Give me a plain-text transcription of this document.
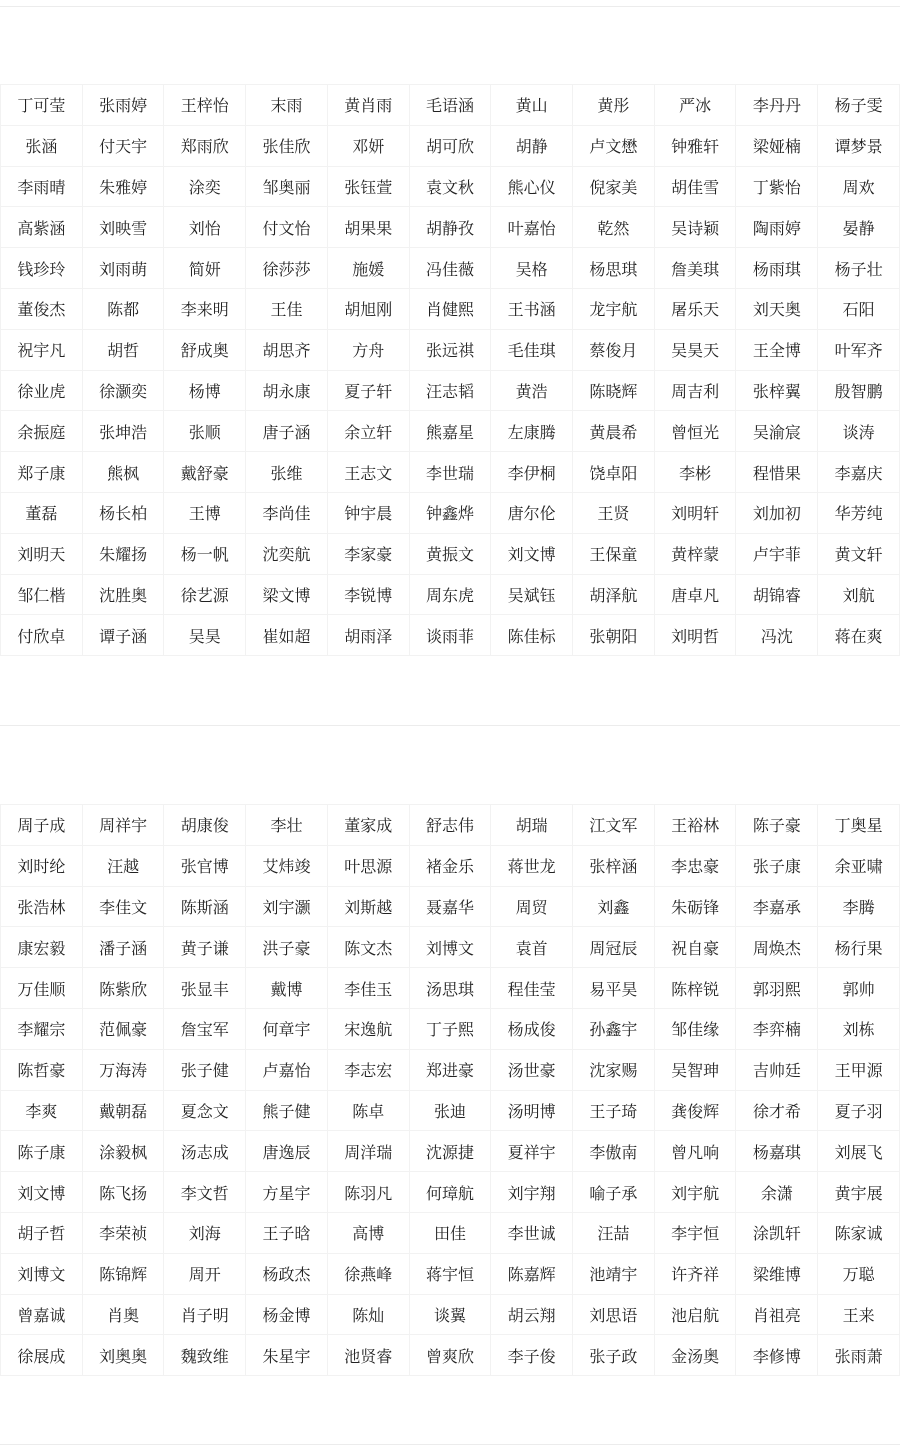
丁可莹	张雨婷	王梓怡	末雨	黄肖雨	毛语涵	黄山	黄彤	严冰	李丹丹	杨子雯
张涵	付天宇	郑雨欣	张佳欣	邓妍	胡可欣	胡静	卢文懋	钟雅轩	梁娅楠	谭梦景
李雨晴	朱雅婷	涂奕	邹奥丽	张钰萱	袁文秋	熊心仪	倪家美	胡佳雪	丁紫怡	周欢
高紫涵	刘映雪	刘怡	付文怡	胡果果	胡静孜	叶嘉怡	乾然	吴诗颖	陶雨婷	晏静
钱珍玲	刘雨萌	简妍	徐莎莎	施媛	冯佳薇	吴格	杨思琪	詹美琪	杨雨琪	杨子壮
董俊杰	陈都	李来明	王佳	胡旭刚	肖健熙	王书涵	龙宇航	屠乐天	刘天奥	石阳
祝宇凡	胡哲	舒成奥	胡思齐	方舟	张远祺	毛佳琪	蔡俊月	吴昊天	王全博	叶军齐
徐业虎	徐灏奕	杨博	胡永康	夏子轩	汪志韬	黄浩	陈晓辉	周吉利	张梓翼	殷智鹏
余振庭	张坤浩	张顺	唐子涵	余立轩	熊嘉星	左康腾	黄晨希	曾恒光	吴渝宸	谈涛
郑子康	熊枫	戴舒豪	张维	王志文	李世瑞	李伊桐	饶卓阳	李彬	程惜果	李嘉庆
董磊	杨长柏	王博	李尚佳	钟宇晨	钟鑫烨	唐尔伦	王贤	刘明轩	刘加初	华芳纯
刘明天	朱耀扬	杨一帆	沈奕航	李家豪	黄振文	刘文博	王保童	黄梓蒙	卢宇菲	黄文轩
邹仁楷	沈胜奥	徐艺源	梁文博	李锐博	周东虎	吴斌钰	胡泽航	唐卓凡	胡锦睿	刘航
付欣卓	谭子涵	吴昊	崔如超	胡雨泽	谈雨菲	陈佳标	张朝阳	刘明哲	冯沈	蒋在爽
周子成	周祥宇	胡康俊	李壮	董家成	舒志伟	胡瑞	江文军	王裕林	陈子豪	丁奥星
刘时纶	汪越	张官博	艾炜竣	叶思源	褚金乐	蒋世龙	张梓涵	李忠豪	张子康	余亚啸
张浩林	李佳文	陈斯涵	刘宇灏	刘斯越	聂嘉华	周贸	刘鑫	朱砺锋	李嘉承	李腾
康宏毅	潘子涵	黄子谦	洪子豪	陈文杰	刘博文	袁首	周冠辰	祝自豪	周焕杰	杨行果
万佳顺	陈紫欣	张显丰	戴博	李佳玉	汤思琪	程佳莹	易平昊	陈梓锐	郭羽熙	郭帅
李耀宗	范佩豪	詹宝军	何章宇	宋逸航	丁子熙	杨成俊	孙鑫宇	邹佳缘	李弈楠	刘栋
陈哲豪	万海涛	张子健	卢嘉怡	李志宏	郑进豪	汤世豪	沈家赐	吴智珅	吉帅廷	王甲源
李爽	戴朝磊	夏念文	熊子健	陈卓	张迪	汤明博	王子琦	龚俊辉	徐才希	夏子羽
陈子康	涂毅枫	汤志成	唐逸辰	周洋瑞	沈源捷	夏祥宇	李傲南	曾凡响	杨嘉琪	刘展飞
刘文博	陈飞扬	李文哲	方星宇	陈羽凡	何璋航	刘宇翔	喻子承	刘宇航	余潇	黄宇展
胡子哲	李荣祯	刘海	王子晗	高博	田佳	李世诚	汪喆	李宇恒	涂凯轩	陈家诚
刘博文	陈锦辉	周开	杨政杰	徐燕峰	蒋宇恒	陈嘉辉	池靖宇	许齐祥	梁维博	万聪
曾嘉诚	肖奥	肖子明	杨金博	陈灿	谈翼	胡云翔	刘思语	池启航	肖祖亮	王来
徐展成	刘奥奥	魏致维	朱星宇	池贤睿	曾爽欣	李子俊	张子政	金汤奥	李修博	张雨萧
